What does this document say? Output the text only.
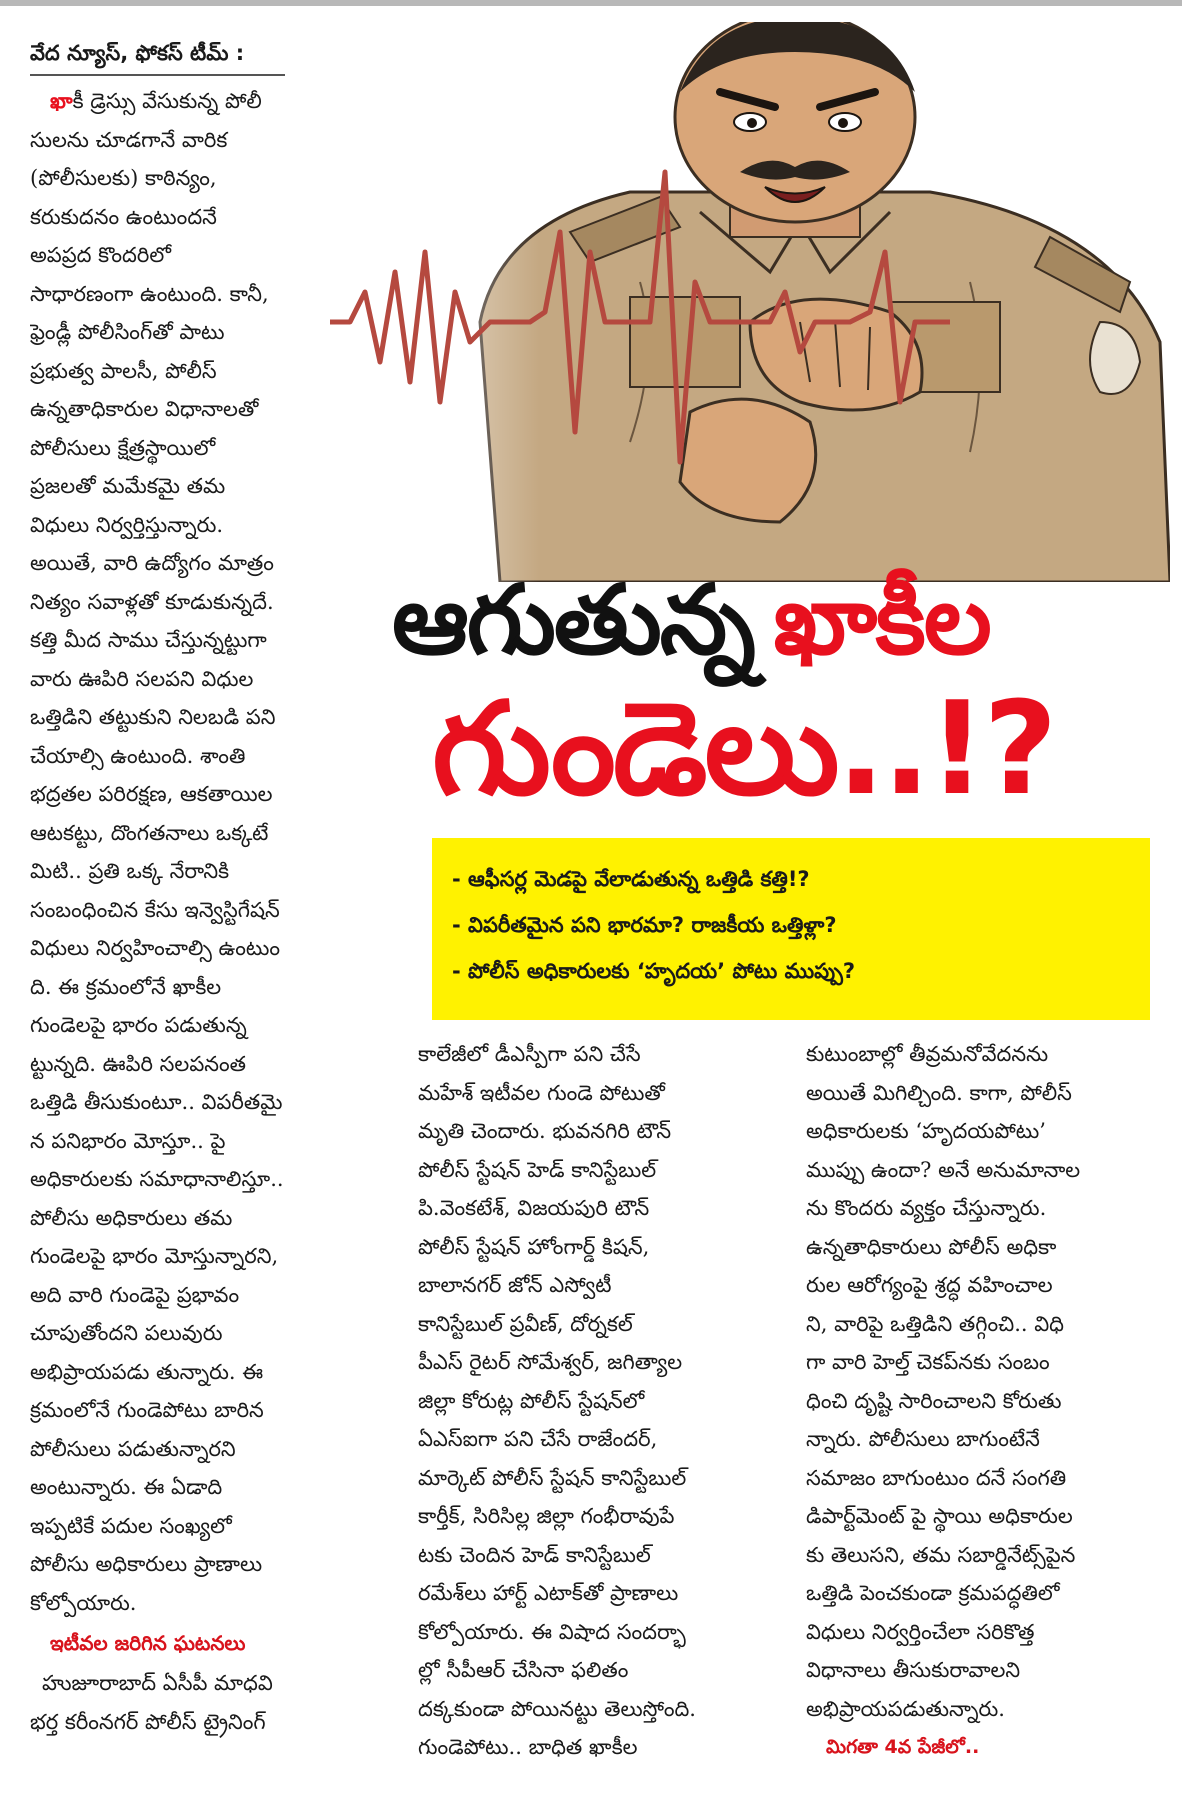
ఆగుతున్న ఖాకీల
గుండెలు..!?
- ఆఫీసర్ల మెడపై వేలాడుతున్న ఒత్తిడి కత్తి!?
- విపరీతమైన పని భారమా? రాజకీయ ఒత్తిళ్లా?
- పోలీస్ అధికారులకు ‘హృదయ’ పోటు ముప్పు?
వేద న్యూస్, ఫోకస్ టీమ్ :
ఖాకీ డ్రెస్సు వేసుకున్న పోలీ
సులను చూడగానే వారిక
(పోలీసులకు) కాఠిన్యం,
కరుకుదనం ఉంటుందనే
అపప్రద కొందరిలో
సాధారణంగా ఉంటుంది. కానీ,
ఫ్రెండ్లీ పోలీసింగ్‌తో పాటు
ప్రభుత్వ పాలసీ, పోలీస్
ఉన్నతాధికారుల విధానాలతో
పోలీసులు క్షేత్రస్థాయిలో
ప్రజలతో మమేకమై తమ
విధులు నిర్వర్తిస్తున్నారు.
అయితే, వారి ఉద్యోగం మాత్రం
నిత్యం సవాళ్లతో కూడుకున్నదే.
కత్తి మీద సాము చేస్తున్నట్టుగా
వారు ఊపిరి సలపని విధుల
ఒత్తిడిని తట్టుకుని నిలబడి పని
చేయాల్సి ఉంటుంది. శాంతి
భద్రతల పరిరక్షణ, ఆకతాయిల
ఆటకట్టు, దొంగతనాలు ఒక్కటే
మిటి.. ప్రతి ఒక్క నేరానికి
సంబంధించిన కేసు ఇన్వెస్టిగేషన్
విధులు నిర్వహించాల్సి ఉంటుం
ది. ఈ క్రమంలోనే ఖాకీల
గుండెలపై భారం పడుతున్న
ట్టున్నది. ఊపిరి సలపనంత
ఒత్తిడి తీసుకుంటూ.. విపరీతమై
న పనిభారం మోస్తూ.. పై
అధికారులకు సమాధానాలిస్తూ..
పోలీసు అధికారులు తమ
గుండెలపై భారం మోస్తున్నారని,
అది వారి గుండెపై ప్రభావం
చూపుతోందని పలువురు
అభిప్రాయపడు తున్నారు. ఈ
క్రమంలోనే గుండెపోటు బారిన
పోలీసులు పడుతున్నారని
అంటున్నారు. ఈ ఏడాది
ఇప్పటికే పదుల సంఖ్యలో
పోలీసు అధికారులు ప్రాణాలు
కోల్పోయారు.
ఇటీవల జరిగిన ఘటనలు
హుజూరాబాద్ ఏసీపీ మాధవి
భర్త కరీంనగర్ పోలీస్ ట్రైనింగ్
కాలేజీలో డీఎస్పీగా పని చేసే
మహేశ్ ఇటీవల గుండె పోటుతో
మృతి చెందారు. భువనగిరి టౌన్
పోలీస్ స్టేషన్ హెడ్ కానిస్టేబుల్
పి.వెంకటేశ్, విజయపురి టౌన్
పోలీస్ స్టేషన్ హోంగార్డ్ కిషన్,
బాలానగర్ జోన్ ఎస్వోటీ
కానిస్టేబుల్ ప్రవీణ్, దోర్నకల్
పీఎస్ రైటర్ సోమేశ్వర్, జగిత్యాల
జిల్లా కోరుట్ల పోలీస్ స్టేషన్‌లో
ఏఎస్ఐగా పని చేసే రాజేందర్,
మార్కెట్ పోలీస్ స్టేషన్ కానిస్టేబుల్
కార్తీక్, సిరిసిల్ల జిల్లా గంభీరావుపే
టకు చెందిన హెడ్ కానిస్టేబుల్
రమేశ్‌లు హార్ట్ ఎటాక్‌తో ప్రాణాలు
కోల్పోయారు. ఈ విషాద సందర్భా
ల్లో సీపీఆర్ చేసినా ఫలితం
దక్కకుండా పోయినట్టు తెలుస్తోంది.
గుండెపోటు.. బాధిత ఖాకీల
కుటుంబాల్లో తీవ్రమనోవేదనను
అయితే మిగిల్చింది. కాగా, పోలీస్
అధికారులకు ‘హృదయపోటు’
ముప్పు ఉందా? అనే అనుమానాల
ను కొందరు వ్యక్తం చేస్తున్నారు.
ఉన్నతాధికారులు పోలీస్ అధికా
రుల ఆరోగ్యంపై శ్రద్ధ వహించాల
ని, వారిపై ఒత్తిడిని తగ్గించి.. విధి
గా వారి హెల్త్ చెకప్‌నకు సంబం
ధించి దృష్టి సారించాలని కోరుతు
న్నారు. పోలీసులు బాగుంటేనే
సమాజం బాగుంటుం దనే సంగతి
డిపార్ట్‌మెంట్ పై స్థాయి అధికారుల
కు తెలుసని, తమ సబార్డినేట్స్‌పైన
ఒత్తిడి పెంచకుండా క్రమపద్ధతిలో
విధులు నిర్వర్తించేలా సరికొత్త
విధానాలు తీసుకురావాలని
అభిప్రాయపడుతున్నారు.
మిగతా 4వ పేజీలో..
